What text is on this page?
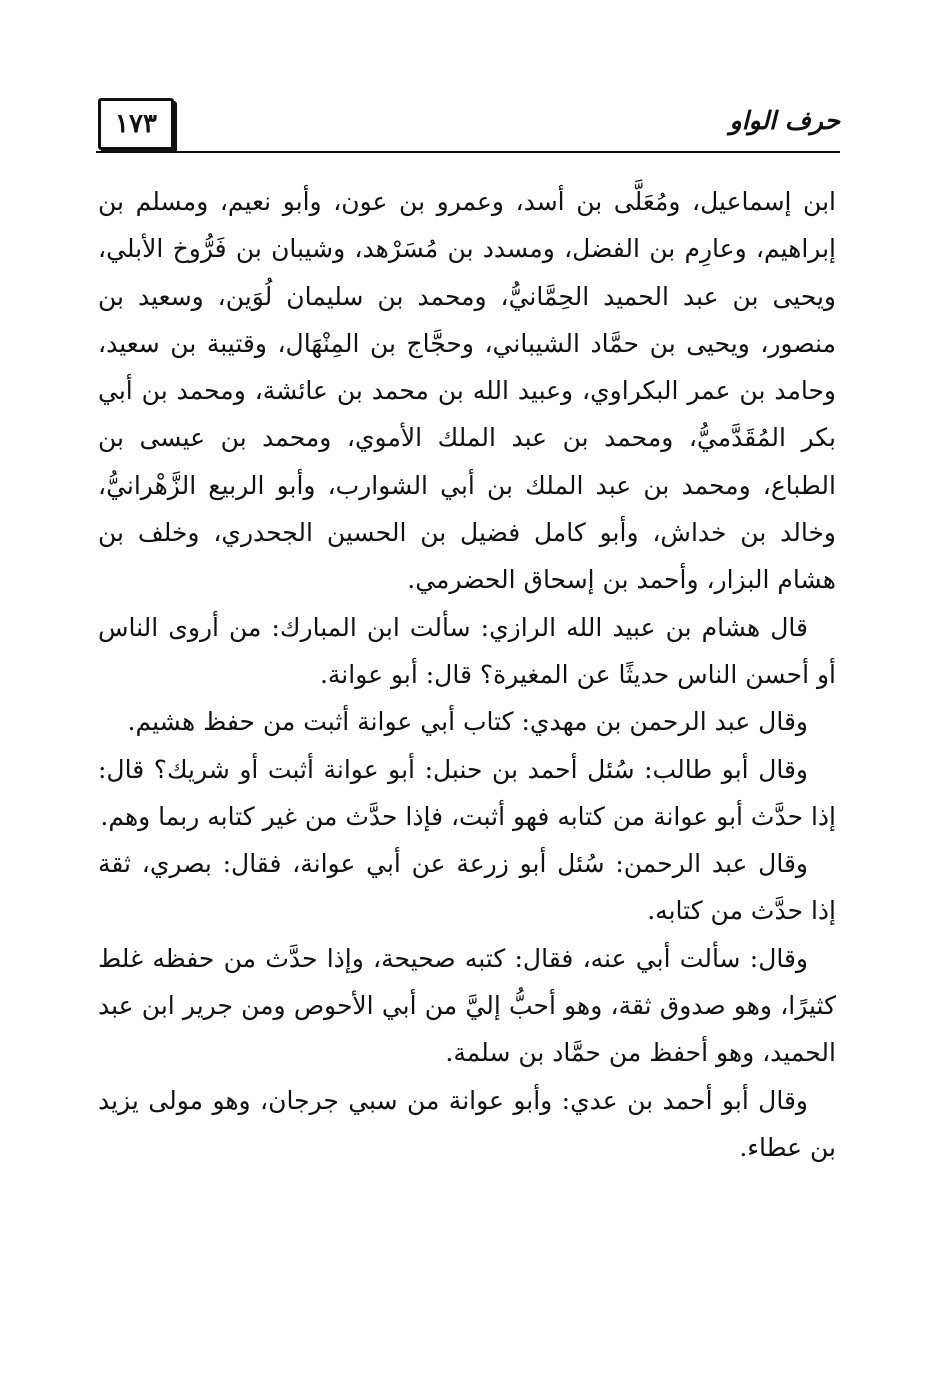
١٧٣	حرف الواو

ابن إسماعيل، ومُعَلَّى بن أسد، وعمرو بن عون، وأبو نعيم، ومسلم بن إبراهيم، وعارِم بن الفضل، ومسدد بن مُسَرْهد، وشيبان بن فَرُّوخ الأبلي، ويحيى بن عبد الحميد الحِمَّانيُّ، ومحمد بن سليمان لُوَين، وسعيد بن منصور، ويحيى بن حمَّاد الشيباني، وحجَّاج بن المِنْهَال، وقتيبة بن سعيد، وحامد بن عمر البكراوي، وعبيد الله بن محمد بن عائشة، ومحمد بن أبي بكر المُقَدَّميُّ، ومحمد بن عبد الملك الأموي، ومحمد بن عيسى بن الطباع، ومحمد بن عبد الملك بن أبي الشوارب، وأبو الربيع الزَّهْرانيُّ، وخالد بن خداش، وأبو كامل فضيل بن الحسين الجحدري، وخلف بن هشام البزار، وأحمد بن إسحاق الحضرمي.

قال هشام بن عبيد الله الرازي: سألت ابن المبارك: من أروى الناس أو أحسن الناس حديثًا عن المغيرة؟ قال: أبو عوانة.

وقال عبد الرحمن بن مهدي: كتاب أبي عوانة أثبت من حفظ هشيم.

وقال أبو طالب: سُئل أحمد بن حنبل: أبو عوانة أثبت أو شريك؟ قال: إذا حدَّث أبو عوانة من كتابه فهو أثبت، فإذا حدَّث من غير كتابه ربما وهم.

وقال عبد الرحمن: سُئل أبو زرعة عن أبي عوانة، فقال: بصري، ثقة إذا حدَّث من كتابه.

وقال: سألت أبي عنه، فقال: كتبه صحيحة، وإذا حدَّث من حفظه غلط كثيرًا، وهو صدوق ثقة، وهو أحبُّ إليَّ من أبي الأحوص ومن جرير ابن عبد الحميد، وهو أحفظ من حمَّاد بن سلمة.

وقال أبو أحمد بن عدي: وأبو عوانة من سبي جرجان، وهو مولى يزيد بن عطاء.
